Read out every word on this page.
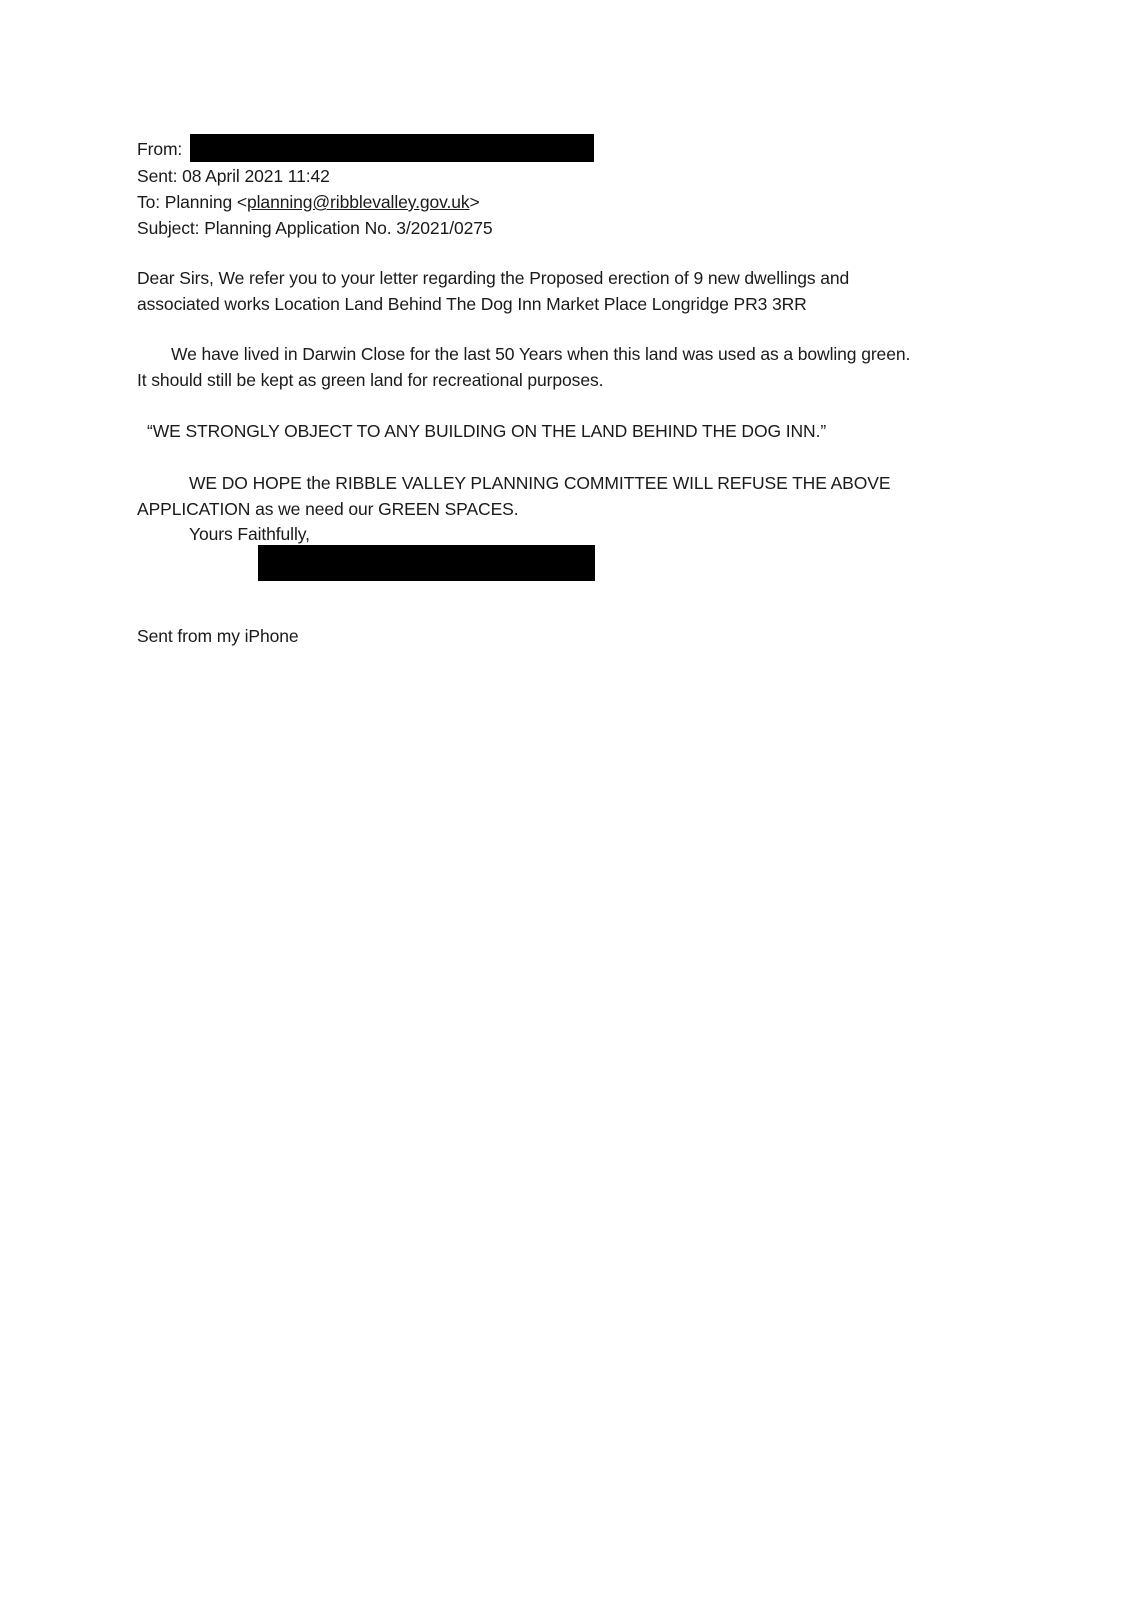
From:
Sent: 08 April 2021 11:42
To: Planning <planning@ribblevalley.gov.uk>
Subject: Planning Application No. 3/2021/0275
Dear Sirs, We refer you to your letter regarding the Proposed erection of 9 new dwellings and
associated works Location Land Behind The Dog Inn Market Place Longridge PR3 3RR
We have lived in Darwin Close for the last 50 Years when this land was used as a bowling green.
It should still be kept as green land for recreational purposes.
“WE STRONGLY OBJECT TO ANY BUILDING ON THE LAND BEHIND THE DOG INN.”
WE DO HOPE the RIBBLE VALLEY PLANNING COMMITTEE WILL REFUSE THE ABOVE
APPLICATION as we need our GREEN SPACES.
Yours Faithfully,
Sent from my iPhone
